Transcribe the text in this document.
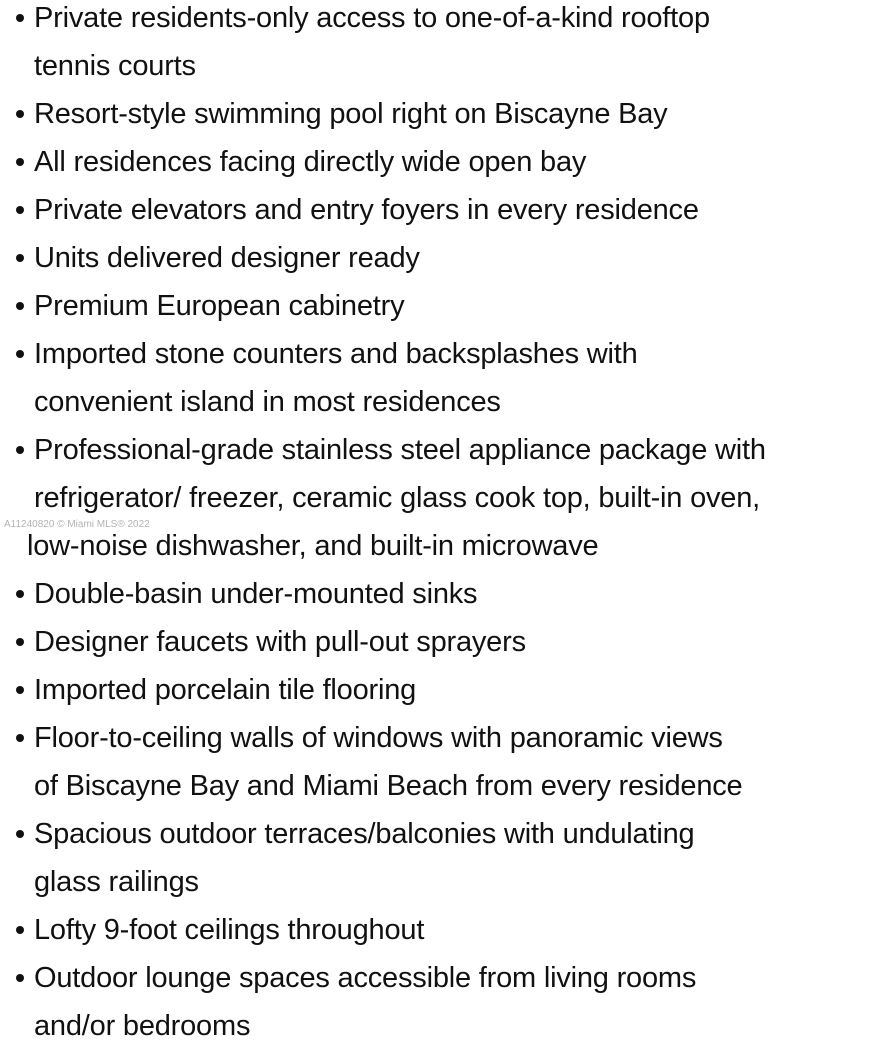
Private residents-only access to one-of-a-kind rooftop
tennis courts
Resort-style swimming pool right on Biscayne Bay
All residences facing directly wide open bay
Private elevators and entry foyers in every residence
Units delivered designer ready
Premium European cabinetry
Imported stone counters and backsplashes with
convenient island in most residences
Professional-grade stainless steel appliance package with
refrigerator/ freezer, ceramic glass cook top, built-in oven,
low-noise dishwasher, and built-in microwave
Double-basin under-mounted sinks
Designer faucets with pull-out sprayers
Imported porcelain tile flooring
Floor-to-ceiling walls of windows with panoramic views
of Biscayne Bay and Miami Beach from every residence
Spacious outdoor terraces/balconies with undulating
glass railings
Lofty 9-foot ceilings throughout
Outdoor lounge spaces accessible from living rooms
and/or bedrooms
A11240820 © Miami MLS® 2022
